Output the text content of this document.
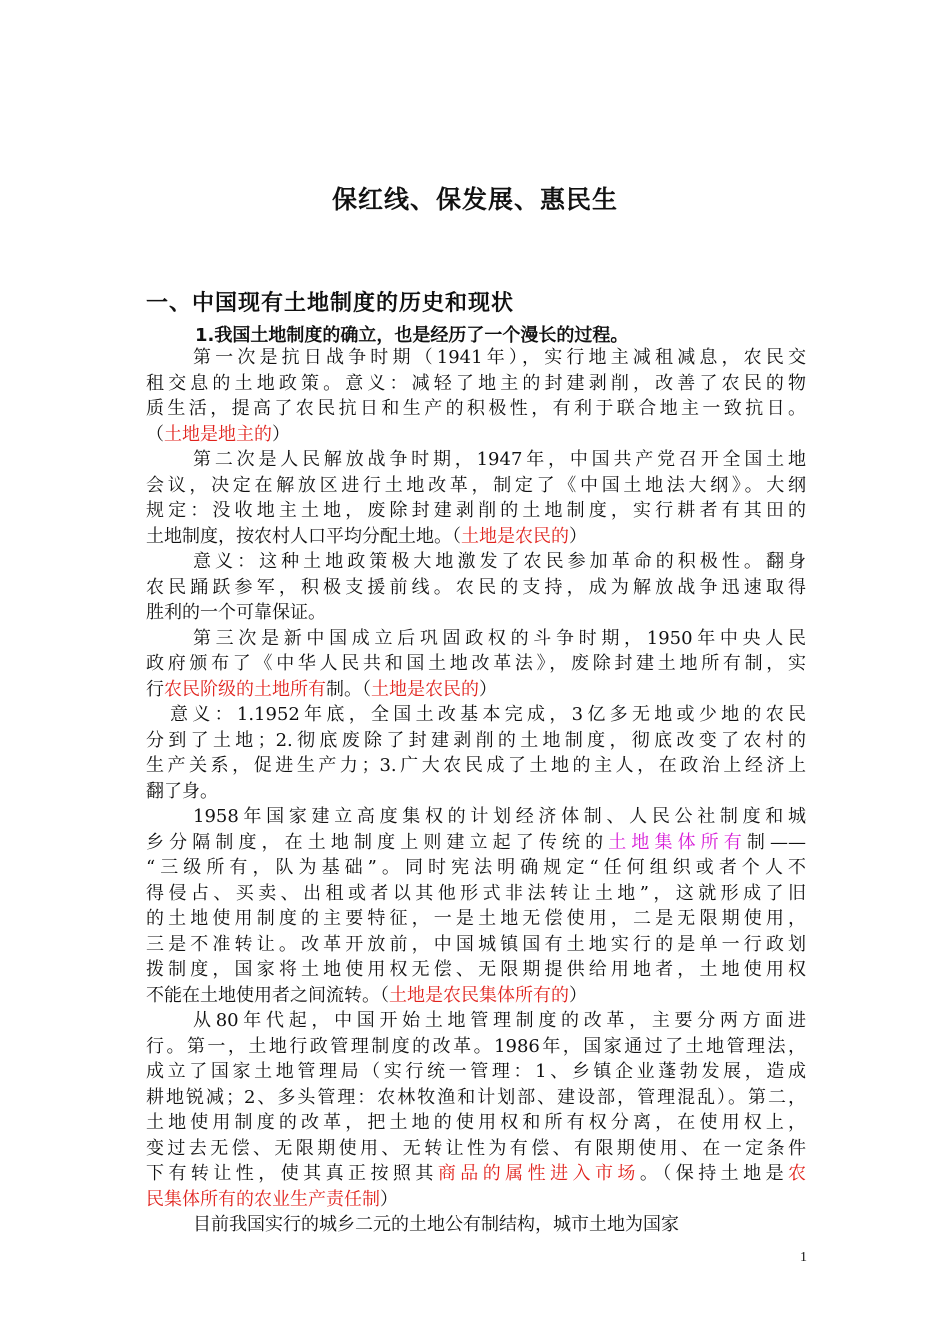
保红线、保发展、惠民生
一、中国现有土地制度的历史和现状
1.我国土地制度的确立，也是经历了一个漫长的过程。
第一次是抗日战争时期（1941年），实行地主减租减息，农民交
租交息的土地政策。意义：减轻了地主的封建剥削，改善了农民的物
质生活，提高了农民抗日和生产的积极性，有利于联合地主一致抗日。
（土地是地主的）
第二次是人民解放战争时期，1947年，中国共产党召开全国土地
会议，决定在解放区进行土地改革，制定了《中国土地法大纲》。大纲
规定：没收地主土地，废除封建剥削的土地制度，实行耕者有其田的
土地制度，按农村人口平均分配土地。（土地是农民的）
意义：这种土地政策极大地激发了农民参加革命的积极性。翻身
农民踊跃参军，积极支援前线。农民的支持，成为解放战争迅速取得
胜利的一个可靠保证。
第三次是新中国成立后巩固政权的斗争时期，1950年中央人民
政府颁布了《中华人民共和国土地改革法》，废除封建土地所有制，实
行农民阶级的土地所有制。（土地是农民的）
意义：1.1952年底，全国土改基本完成，3亿多无地或少地的农民
分到了土地；2.彻底废除了封建剥削的土地制度，彻底改变了农村的
生产关系，促进生产力；3.广大农民成了土地的主人，在政治上经济上
翻了身。
1958年国家建立高度集权的计划经济体制、人民公社制度和城
乡分隔制度，在土地制度上则建立起了传统的土地集体所有制——
“三级所有，队为基础”。同时宪法明确规定“任何组织或者个人不
得侵占、买卖、出租或者以其他形式非法转让土地”，这就形成了旧
的土地使用制度的主要特征，一是土地无偿使用，二是无限期使用，
三是不准转让。改革开放前，中国城镇国有土地实行的是单一行政划
拨制度，国家将土地使用权无偿、无限期提供给用地者，土地使用权
不能在土地使用者之间流转。（土地是农民集体所有的）
从80年代起，中国开始土地管理制度的改革，主要分两方面进
行。第一，土地行政管理制度的改革。1986年，国家通过了土地管理法，
成立了国家土地管理局（实行统一管理：1、乡镇企业蓬勃发展，造成
耕地锐减；2、多头管理：农林牧渔和计划部、建设部，管理混乱）。第二，
土地使用制度的改革，把土地的使用权和所有权分离，在使用权上，
变过去无偿、无限期使用、无转让性为有偿、有限期使用、在一定条件
下有转让性，使其真正按照其商品的属性进入市场。（保持土地是农
民集体所有的农业生产责任制）
目前我国实行的城乡二元的土地公有制结构，城市土地为国家
1
